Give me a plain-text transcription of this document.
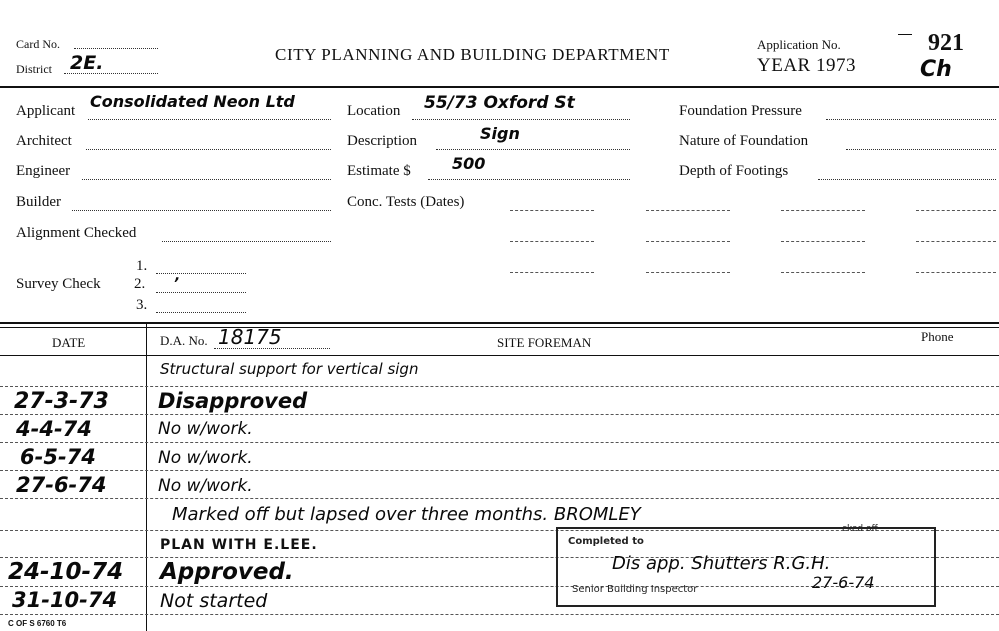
Card No.
District 2E.	CITY PLANNING AND BUILDING DEPARTMENT
Application No.
YEAR 1973
921
Ch
Applicant Consolidated Neon Ltd
Architect
Engineer
Builder
Alignment Checked
Survey Check
1.
2.
3.
,
Location 55/73 Oxford St
Description	Sign
Estimate $	500
Conc. Tests (Dates)
Foundation Pressure
Nature of Foundation
Depth of Footings
DATE	D.A. No. 18175	SITE FOREMAN	Phone
Structural support for vertical sign
27-3-73 Disapproved
4-4-74	No w/work.
6-5-74	No w/work.
27-6-74	No w/work.
Marked off but lapsed over three months. BROMLEY
PLAN WITH E.LEE.
24-10-74 Approved.
31-10-74 Not started
Completed to
Dis app. Shutters R.G.H.
Senior Building Inspector	27-6-74
cked off
C OF S 6760 T6
